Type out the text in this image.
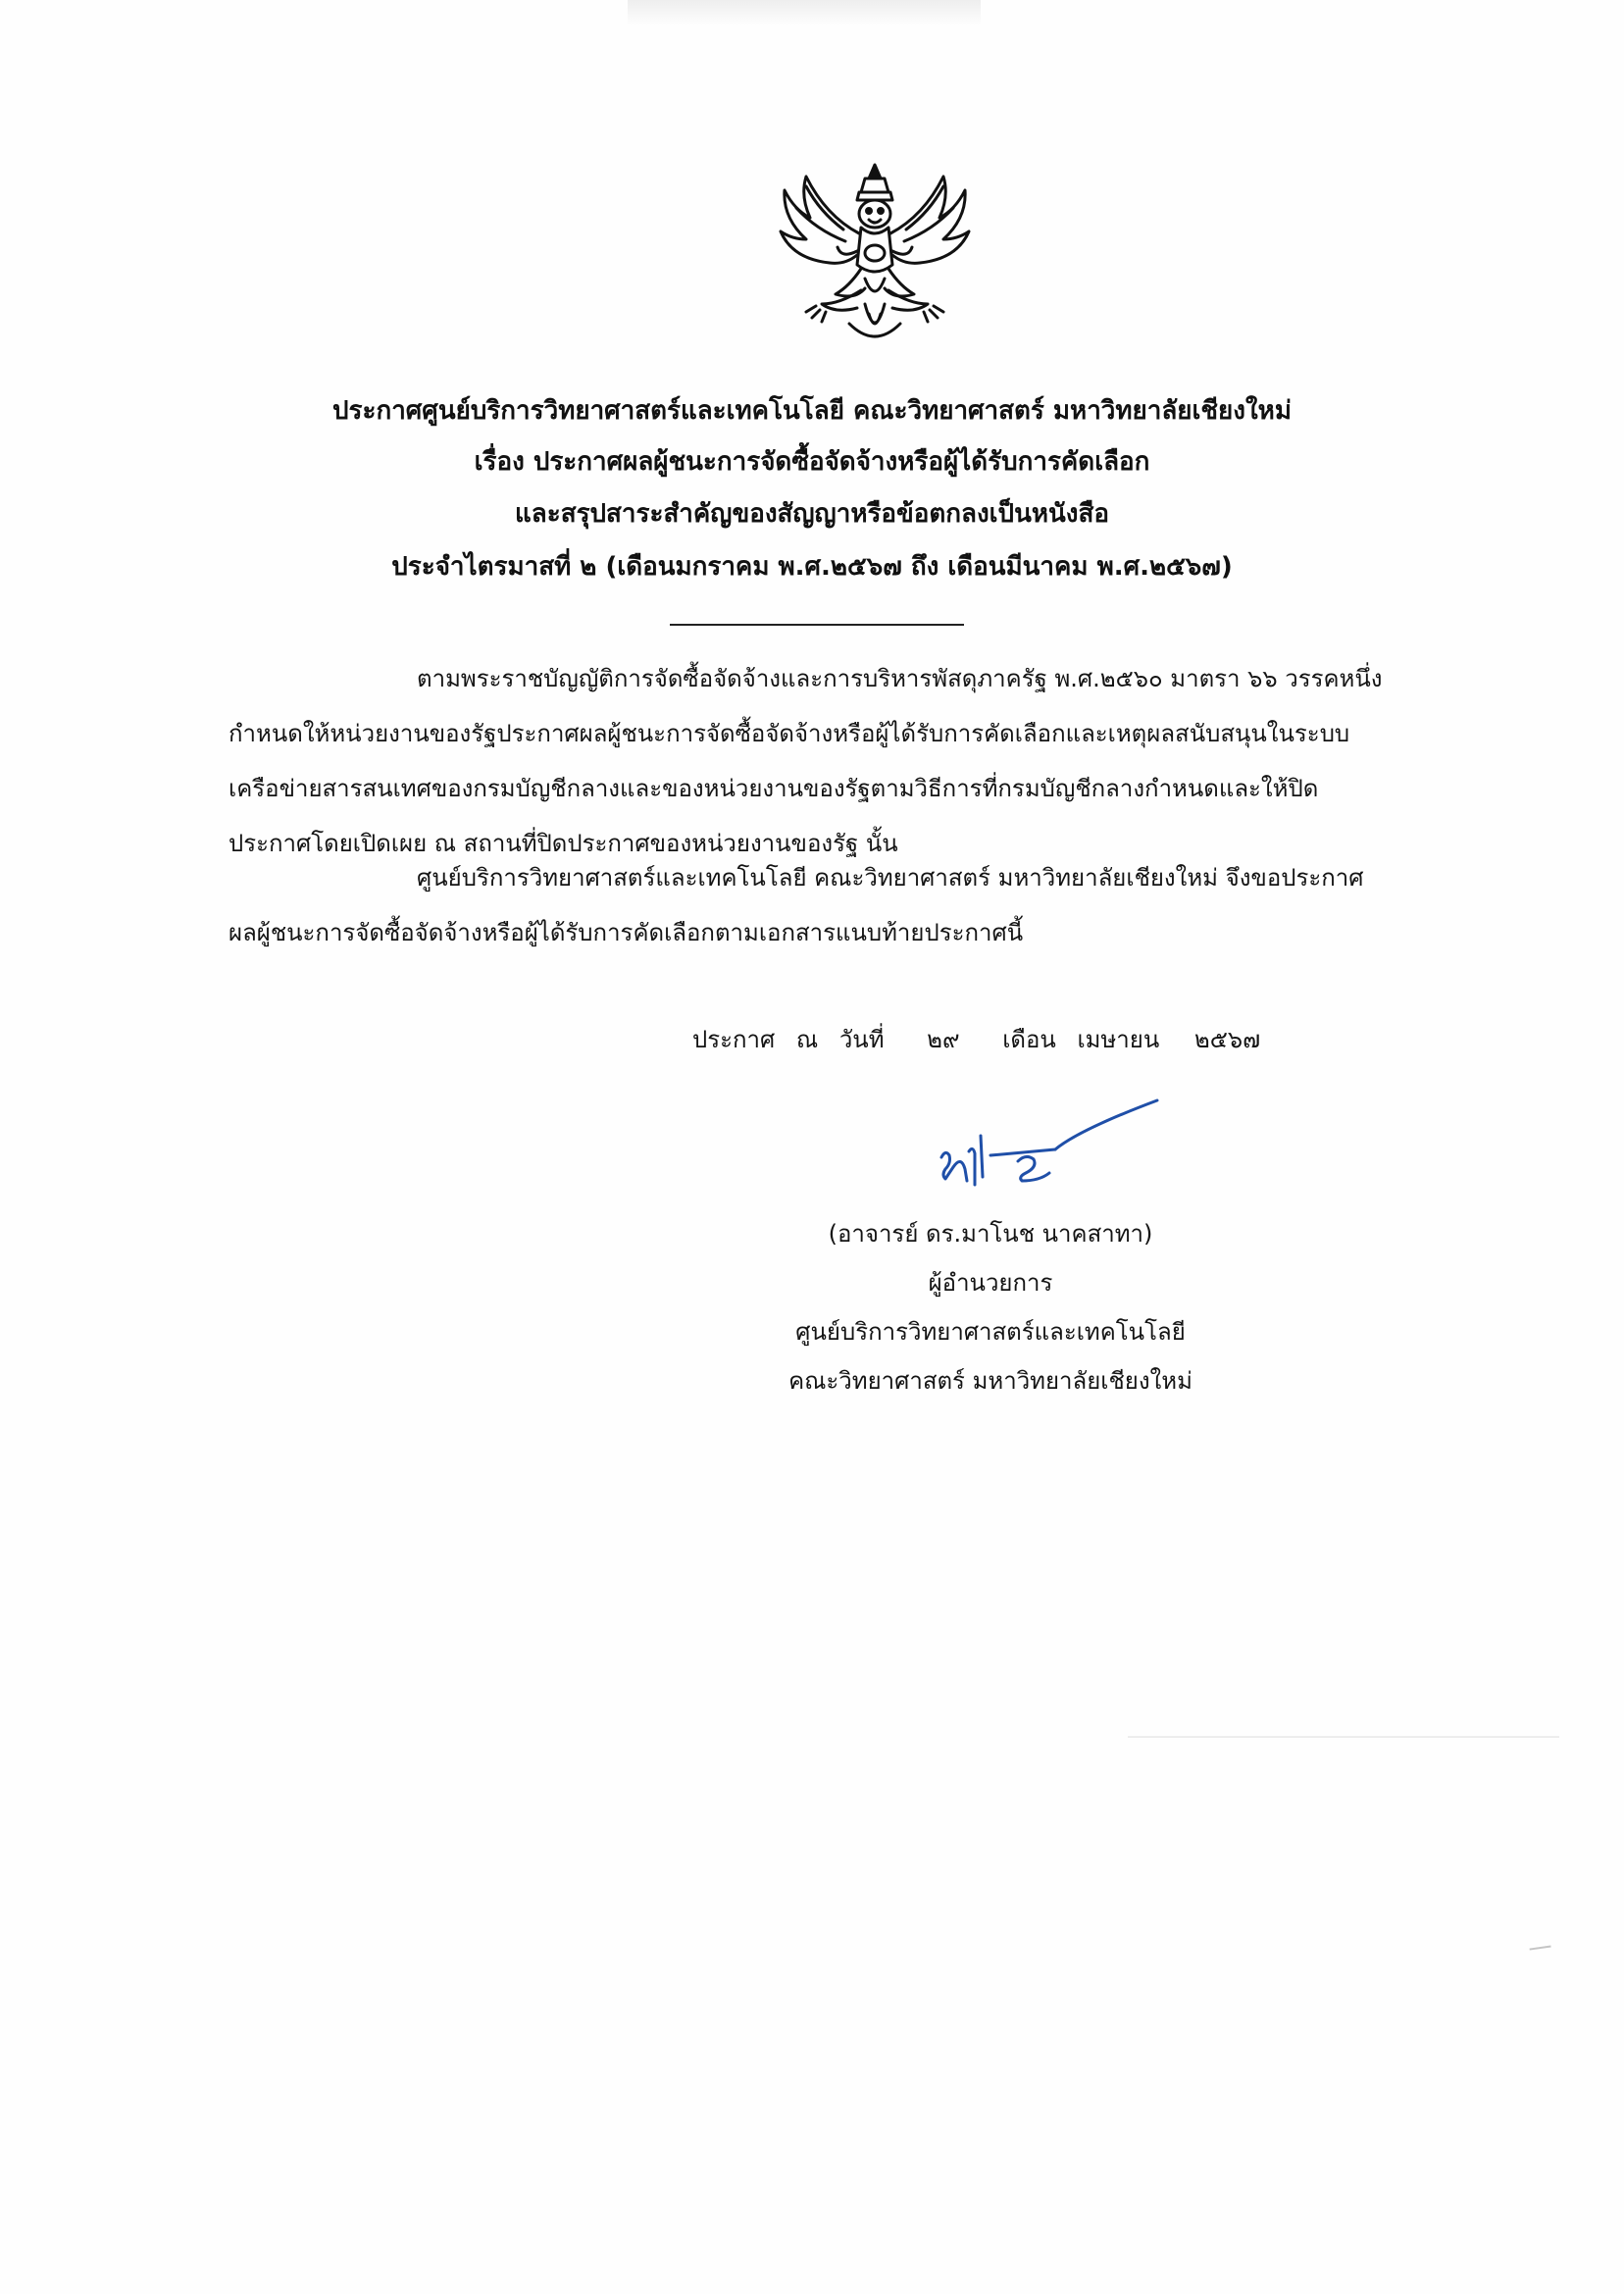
ประกาศศูนย์บริการวิทยาศาสตร์และเทคโนโลยี คณะวิทยาศาสตร์ มหาวิทยาลัยเชียงใหม่
เรื่อง ประกาศผลผู้ชนะการจัดซื้อจัดจ้างหรือผู้ได้รับการคัดเลือก
และสรุปสาระสำคัญของสัญญาหรือข้อตกลงเป็นหนังสือ
ประจำไตรมาสที่ ๒ (เดือนมกราคม พ.ศ.๒๕๖๗ ถึง เดือนมีนาคม พ.ศ.๒๕๖๗)
ตามพระราชบัญญัติการจัดซื้อจัดจ้างและการบริหารพัสดุภาครัฐ พ.ศ.๒๕๖๐ มาตรา ๖๖ วรรคหนึ่ง
กำหนดให้หน่วยงานของรัฐประกาศผลผู้ชนะการจัดซื้อจัดจ้างหรือผู้ได้รับการคัดเลือกและเหตุผลสนับสนุนในระบบ
เครือข่ายสารสนเทศของกรมบัญชีกลางและของหน่วยงานของรัฐตามวิธีการที่กรมบัญชีกลางกำหนดและให้ปิด
ประกาศโดยเปิดเผย ณ สถานที่ปิดประกาศของหน่วยงานของรัฐ นั้น
ศูนย์บริการวิทยาศาสตร์และเทคโนโลยี คณะวิทยาศาสตร์ มหาวิทยาลัยเชียงใหม่ จึงขอประกาศ
ผลผู้ชนะการจัดซื้อจัดจ้างหรือผู้ได้รับการคัดเลือกตามเอกสารแนบท้ายประกาศนี้
ประกาศ ณ วันที่ ๒๙ เดือน เมษายน ๒๕๖๗
(อาจารย์ ดร.มาโนช นาคสาทา)
ผู้อำนวยการ
ศูนย์บริการวิทยาศาสตร์และเทคโนโลยี
คณะวิทยาศาสตร์ มหาวิทยาลัยเชียงใหม่
